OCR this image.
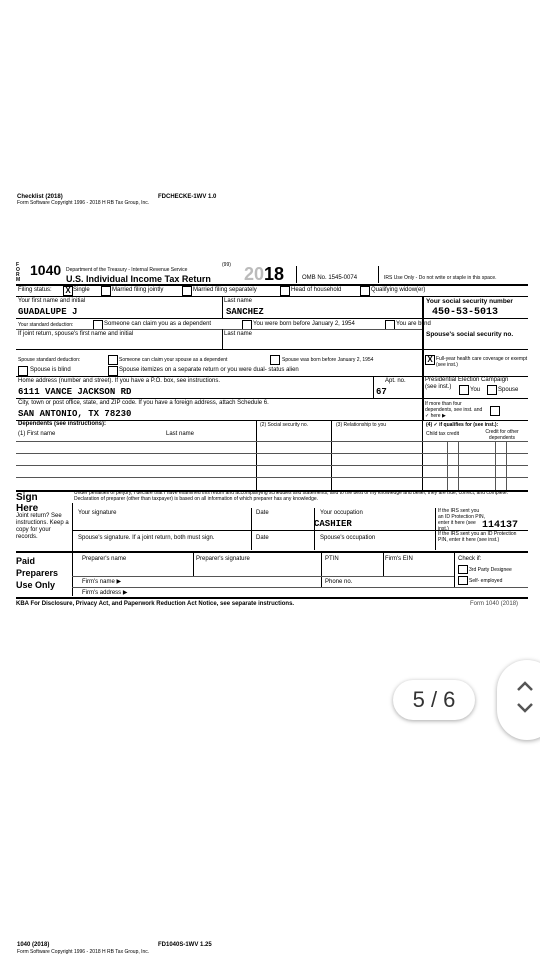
Checklist (2018)	FDCHECKE-1WV 1.0
Form Software Copyright 1996 - 2018 H RB Tax Group, Inc.
FORM
1040 Department of the Treasury - Internal Revenue Service
(99)
U.S. Individual Income Tax Return 2018	OMB No. 1545-0074	IRS Use Only - Do not write or staple in this space.
Filing status: X Single	Married filing jointly	Married filing separately	Head of household	Qualifying widow(er)
Your first name and initial	Last name	Your social security number
GUADALUPE J	SANCHEZ	450-53-5013
Your standard deduction:	Someone can claim you as a dependent	You were born before January 2, 1954	You are blind
If joint return, spouse's first name and initial	Last name	Spouse's social security no.
Spouse standard deduction:	Someone can claim your spouse as a dependent	Spouse was born before January 2, 1954
Spouse is blind	Spouse itemizes on a separate return or you were dual- status alien
X Full-year health care coverage or exempt (see inst.)
Home address (number and street). If you have a P.O. box, see instructions.	Apt. no.
6111 VANCE JACKSON RD	67
Presidential Election Campaign
(see inst.)	You	Spouse
City, town or post office, state, and ZIP code. If you have a foreign address, attach Schedule 6.
SAN ANTONIO, TX 78230
If more than four dependents, see inst. and ✓ here ▶
Dependents (see instructions):
(1) First name	Last name
(2) Social security no.	(3) Relationship to you	(4) ✓ if qualifies for (see inst.):
Child tax credit	Credit for other dependents
Sign Here
Under penalties of perjury, I declare that I have examined this return and accompanying schedules and statements, and to the best of my knowledge and belief, they are true, correct, and complete. Declaration of preparer (other than taxpayer) is based on all information of which preparer has any knowledge.
Joint return? See instructions. Keep a copy for your records.
Your signature	Date	Your occupation
CASHIER
If the IRS sent you an ID Protection PIN, enter it here (see inst.)	114137
Spouse's signature. If a joint return, both must sign.	Date	Spouse's occupation
If the IRS sent you an ID Protection PIN, enter it here (see inst.)
Paid Preparers Use Only
Preparer's name	Preparer's signature	PTIN	Firm's EIN	Check if:
3rd Party Designee
Self- employed
Firm's name ▶	Phone no.
Firm's address ▶
KBA For Disclosure, Privacy Act, and Paperwork Reduction Act Notice, see separate instructions.	Form 1040 (2018)
5 / 6
1040 (2018)	FD1040S-1WV 1.25
Form Software Copyright 1996 - 2018 H RB Tax Group, Inc.
